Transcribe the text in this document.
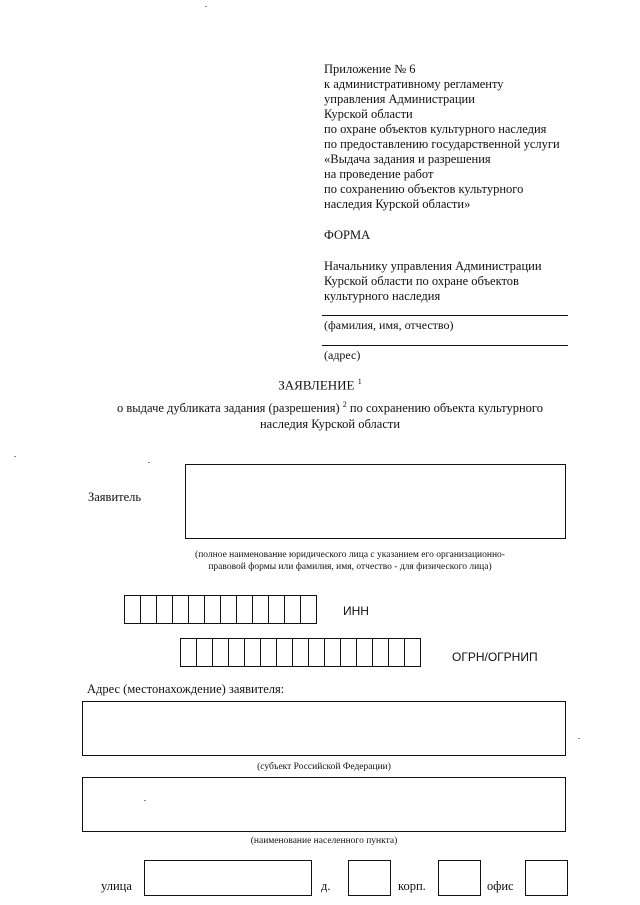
Приложение № 6
к административному регламенту
управления Администрации
Курской области
по охране объектов культурного наследия
по предоставлению государственной услуги
«Выдача задания и разрешения
на проведение работ
по сохранению объектов культурного
наследия Курской области»
ФОРМА
Начальнику управления Администрации
Курской области по охране объектов
культурного наследия
(фамилия, имя, отчество)
(адрес)
ЗАЯВЛЕНИЕ $^1$
о выдаче дубликата задания (разрешения) $^2$ по сохранению объекта культурного
наследия Курской области
Заявитель
(полное наименование юридического лица с указанием его организационно-
правовой формы или фамилия, имя, отчество - для физического лица)
ИНН
ОГРН/ОГРНИП
Адрес (местонахождение) заявителя:
(субъект Российской Федерации)
(наименование населенного пункта)
улица	д.	корп.	офис
